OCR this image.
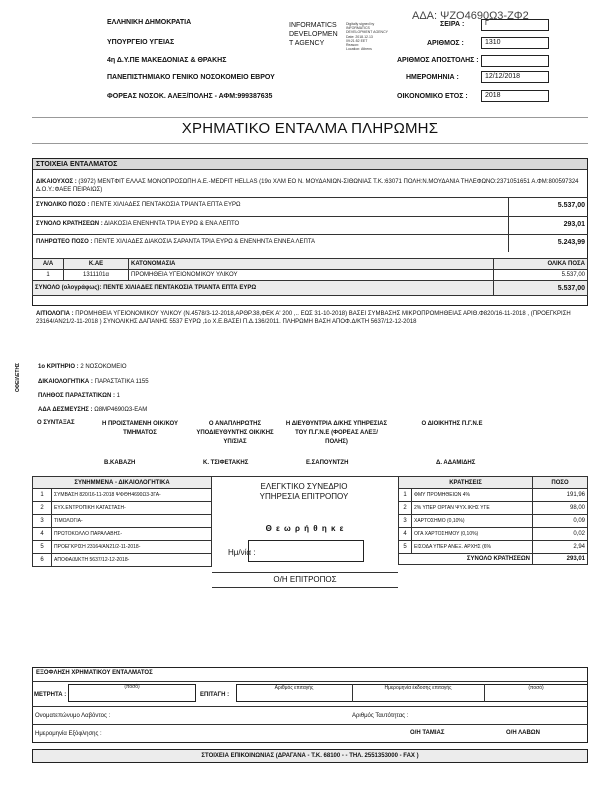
ΑΔΑ: ΨΖΟ4690Ω3-ΖΦ2
ΕΛΛΗΝΙΚΗ ΔΗΜΟΚΡΑΤΙΑ
ΥΠΟΥΡΓΕΙΟ ΥΓΕΙΑΣ
4η Δ.Υ.ΠΕ ΜΑΚΕΔΟΝΙΑΣ & ΘΡΑΚΗΣ
ΠΑΝΕΠΙΣΤΗΜΙΑΚΟ ΓΕΝΙΚΟ ΝΟΣΟΚΟΜΕΙΟ ΕΒΡΟΥ
ΦΟΡΕΑΣ ΝΟΣΟΚ. ΑΛΕΞ/ΠΟΛΗΣ - ΑΦΜ:999387635
INFORMATICS
DEVELOPMEN
T AGENCY
Digitally signed by
INFORMATICS
DEVELOPMENT AGENCY
Date: 2018.12.13
09:21:52 EET
Reason:
Location: Athens
ΣΕΙΡΑ :	Γ
ΑΡΙΘΜΟΣ :	1310
ΑΡΙΘΜΟΣ ΑΠΟΣΤΟΛΗΣ :
ΗΜΕΡΟΜΗΝΙΑ :	12/12/2018
ΟΙΚΟΝΟΜΙΚΟ ΕΤΟΣ :	2018
ΧΡΗΜΑΤΙΚΟ ΕΝΤΑΛΜΑ ΠΛΗΡΩΜΗΣ
ΣΤΟΙΧΕΙΑ ΕΝΤΑΛΜΑΤΟΣ
ΔΙΚΑΙΟΥΧΟΣ : (3972) ΜΕΝΤΦΙΤ ΕΛΛΑΣ ΜΟΝΟΠΡΟΣΩΠΗ Α.Ε.-MEDFIT HELLAS (19ο ΧΛΜ ΕΟ Ν. ΜΟΥΔΑΝΙΩΝ-ΣΙΘΩΝΙΑΣ Τ.Κ.:63071 ΠΟΛΗ:Ν.ΜΟΥΔΑΝΙΑ ΤΗΛΕΦΩΝΟ:2371051651 Α.ΦΜ:800597324 Δ.Ο.Υ.:ΦΑΕΕ ΠΕΙΡΑΙΩΣ)
ΣΥΝΟΛΙΚΟ ΠΟΣΟ : ΠΕΝΤΕ ΧΙΛΙΑΔΕΣ ΠΕΝΤΑΚΟΣΙΑ ΤΡΙΑΝΤΑ ΕΠΤΑ ΕΥΡΩ	5.537,00
ΣΥΝΟΛΟ ΚΡΑΤΗΣΕΩΝ : ΔΙΑΚΟΣΙΑ ΕΝΕΝΗΝΤΑ ΤΡΙΑ ΕΥΡΩ & ΕΝΑ ΛΕΠΤΟ	293,01
ΠΛΗΡΩΤΕΟ ΠΟΣΟ : ΠΕΝΤΕ ΧΙΛΙΑΔΕΣ ΔΙΑΚΟΣΙΑ ΣΑΡΑΝΤΑ ΤΡΙΑ ΕΥΡΩ & ΕΝΕΝΗΝΤΑ ΕΝΝΕΑ ΛΕΠΤΑ	5.243,99
Α/Α	Κ.ΑΕ	ΚΑΤΟΝΟΜΑΣΙΑ	ΟΛΙΚΑ ΠΟΣΑ
1	1311101α	ΠΡΟΜΗΘΕΙΑ ΥΓΕΙΟΝΟΜΙΚΟΥ ΥΛΙΚΟΥ	5.537,00
ΣΥΝΟΛΟ (ολογράφως): ΠΕΝΤΕ ΧΙΛΙΑΔΕΣ ΠΕΝΤΑΚΟΣΙΑ ΤΡΙΑΝΤΑ ΕΠΤΑ ΕΥΡΩ			5.537,00
ΑΙΤΙΟΛΟΓΙΑ : ΠΡΟΜΗΘΕΙΑ ΥΓΕΙΟΝΟΜΙΚΟΥ ΥΛΙΚΟΥ (Ν.4578/3-12-2018,ΑΡΘΡ.38,ΦΕΚ Α' 200 ,.. ΕΩΣ 31-10-2018) ΒΑΣΕΙ ΣΥΜΒΑΣΗΣ ΜΙΚΡΟΠΡΟΜΗΘΕΙΑΣ ΑΡΙΘ.Φ820/16-11-2018 , (ΠΡΟΕΓΚΡΙΣΗ 23164/ΑΝ21/2-11-2018 ) ΣΥΝΟΛΙΚΗΣ ΔΑΠΑΝΗΣ 5537 ΕΥΡΩ ,1ο Χ.Ε.ΒΑΣΕΙ Π.Δ.136/2011. ΠΛΗΡΩΜΗ ΒΑΣΗ ΑΠΟΦ.Δ/ΚΤΗ 5637/12-12-2018
ΟΦΕΙΛΕΤΗΣ	1ο ΚΡΙΤΗΡΙΟ : 2 ΝΟΣΟΚΟΜΕΙΟ
ΔΙΚΑΙΟΛΟΓΗΤΙΚΑ : ΠΑΡΑΣΤΑΤΙΚΑ 1155
ΠΛΗΘΟΣ ΠΑΡΑΣΤΑΤΙΚΩΝ : 1
ΑΔΑ ΔΕΣΜΕΥΣΗΣ : Ω8ΜΡ4690Ω3-ΕΑΜ
Ο ΣΥΝΤΑΞΑΣ	Η ΠΡΟΙΣΤΑΜΕΝΗ ΟΙΚ/ΚΟΥ ΤΜΗΜΑΤΟΣ
Ο ΑΝΑΠΛΗΡΩΤΗΣ ΥΠΟΔΙΕΥΘΥΝΤΗΣ ΟΙΚ/ΚΗΣ ΥΠ/ΣΙΑΣ
Η ΔΙΕΥΘΥΝΤΡΙΑ Δ/ΚΗΣ ΥΠΗΡΕΣΙΑΣ ΤΟΥ Π.Γ.Ν.Ε (ΦΟΡΕΑΣ ΑΛΕΞ/ΠΟΛΗΣ)
Ο ΔΙΟΙΚΗΤΗΣ Π.Γ.Ν.Ε
Β.ΚΑΒΑΖΗ	Κ. ΤΣΙΦΕΤΑΚΗΣ	Ε.ΣΑΠΟΥΝΤΖΗ	Δ. ΑΔΑΜΙΔΗΣ
ΣΥΝΗΜΜΕΝΑ - ΔΙΚΑΙΟΛΟΓΗΤΙΚΑ	
1	ΣΥΜΒΑΣΗ 820/16-11-2018 ΨΦΘΗ4690Ω3-3ΓΑ-
2	ΕΥΧ.ΕΝΤΡΟΠΙΚΗ ΚΑΤΑΣΤΑΣΗ-
3	ΤΙΜΟΛΟΓΙΑ-
4	ΠΡΩΤΟΚΟΛΛΟ ΠΑΡΑΛΑΒΗΣ-
5	ΠΡΟΕΓΚΡΙΣΗ 23164/ΑΝ21/2-11-2018-
6	ΑΠΟΦΑ/Δ/ΚΤΗ 5637/12-12-2018-
ΕΛΕΓΚΤΙΚΟ ΣΥΝΕΔΡΙΟ ΥΠΗΡΕΣΙΑ ΕΠΙΤΡΟΠΟΥ
Θ ε ω ρ ή θ η κ ε
Ημ/νία :
Ο/Η ΕΠΙΤΡΟΠΟΣ
ΚΡΑΤΗΣΕΙΣ		ΠΟΣΟ
1	ΦΜΥ ΠΡΟΜΗΘΕΙΩΝ 4%	191,96
2	2% ΥΠΕΡ ΟΡΓΑΝ ΨΥΧ.ΙΚΗΣ ΥΓΕ	98,00
3	ΧΑΡΤΟΣΗΜΟ (0,10%)	0,09
4	ΟΓΑ ΧΑΡΤΟΣΗΜΟΥ (0,10%)	0,02
5	ΕΙΣΟΔΑ ΥΠΕΡ ΑΝΕΞ. ΑΡΧΗΣ (6%	2,94
ΣΥΝΟΛΟ ΚΡΑΤΗΣΕΩΝ		293,01
ΕΞΟΦΛΗΣΗ ΧΡΗΜΑΤΙΚΟΥ ΕΝΤΑΛΜΑΤΟΣ
ΜΕΤΡΗΤΑ :
(ποσό)
ΕΠΙΤΑΓΗ :
Αριθμός επιταγής	Ημερομηνία έκδοσης επιταγής	(ποσό)
Ονοματεπώνυμο Λαβόντος :	Αριθμός Ταυτότητας :
Ημερομηνία Εξόφλησης :	Ο/Η ΤΑΜΙΑΣ	Ο/Η ΛΑΒΩΝ
ΣΤΟΙΧΕΙΑ ΕΠΙΚΟΙΝΩΝΙΑΣ (ΔΡΑΓΑΝΑ - Τ.Κ. 68100 - - ΤΗΛ. 2551353000 - FAX )
